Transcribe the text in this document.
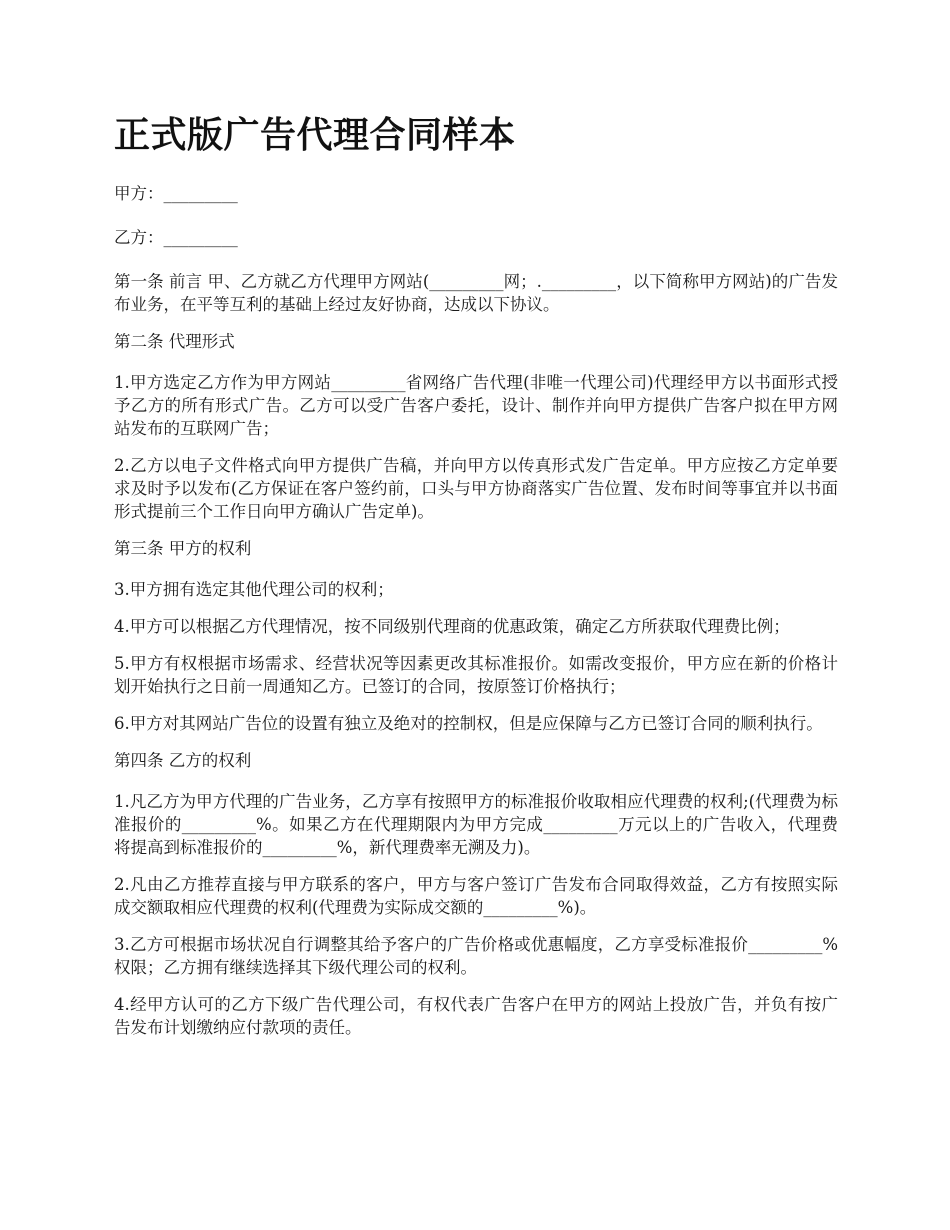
正式版广告代理合同样本

甲方：_________

乙方：_________

第一条 前言 甲、乙方就乙方代理甲方网站(_________网；._________，以下简称甲方网站)的广告发布业务，在平等互利的基础上经过友好协商，达成以下协议。

第二条 代理形式

1.甲方选定乙方作为甲方网站_________省网络广告代理(非唯一代理公司)代理经甲方以书面形式授予乙方的所有形式广告。乙方可以受广告客户委托，设计、制作并向甲方提供广告客户拟在甲方网站发布的互联网广告；

2.乙方以电子文件格式向甲方提供广告稿，并向甲方以传真形式发广告定单。甲方应按乙方定单要求及时予以发布(乙方保证在客户签约前，口头与甲方协商落实广告位置、发布时间等事宜并以书面形式提前三个工作日向甲方确认广告定单)。

第三条 甲方的权利

3.甲方拥有选定其他代理公司的权利；

4.甲方可以根据乙方代理情况，按不同级别代理商的优惠政策，确定乙方所获取代理费比例；

5.甲方有权根据市场需求、经营状况等因素更改其标准报价。如需改变报价，甲方应在新的价格计划开始执行之日前一周通知乙方。已签订的合同，按原签订价格执行；

6.甲方对其网站广告位的设置有独立及绝对的控制权，但是应保障与乙方已签订合同的顺利执行。

第四条 乙方的权利

1.凡乙方为甲方代理的广告业务，乙方享有按照甲方的标准报价收取相应代理费的权利;(代理费为标准报价的_________%。如果乙方在代理期限内为甲方完成_________万元以上的广告收入，代理费将提高到标准报价的_________%，新代理费率无溯及力)。

2.凡由乙方推荐直接与甲方联系的客户，甲方与客户签订广告发布合同取得效益，乙方有按照实际成交额取相应代理费的权利(代理费为实际成交额的_________%)。

3.乙方可根据市场状况自行调整其给予客户的广告价格或优惠幅度，乙方享受标准报价_________%权限；乙方拥有继续选择其下级代理公司的权利。

4.经甲方认可的乙方下级广告代理公司，有权代表广告客户在甲方的网站上投放广告，并负有按广告发布计划缴纳应付款项的责任。
